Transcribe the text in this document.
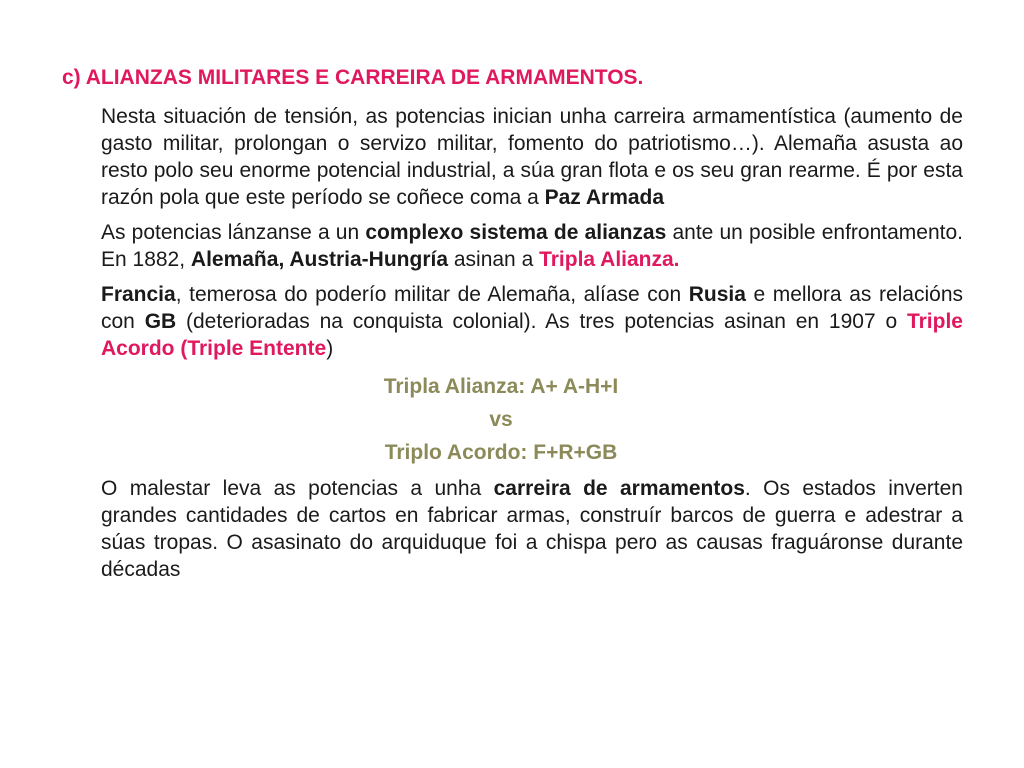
c) ALIANZAS MILITARES E CARREIRA DE ARMAMENTOS.

Nesta situación de tensión, as potencias inician unha carreira armamentística (aumento de gasto militar, prolongan o servizo militar, fomento do patriotismo…). Alemaña asusta ao resto polo seu enorme potencial industrial, a súa gran flota e os seu gran rearme. É por esta razón pola que este período se coñece coma a Paz Armada

As potencias lánzanse a un complexo sistema de alianzas ante un posible enfrontamento. En 1882, Alemaña, Austria-Hungría asinan a Tripla Alianza.

Francia, temerosa do poderío militar de Alemaña, alíase con Rusia e mellora as relacións con GB (deterioradas na conquista colonial). As tres potencias asinan en 1907 o Triple Acordo (Triple Entente)

Tripla Alianza: A+ A-H+I

vs

Triplo Acordo: F+R+GB

O malestar leva as potencias a unha carreira de armamentos. Os estados inverten grandes cantidades de cartos en fabricar armas, construír barcos de guerra e adestrar a súas tropas. O asasinato do arquiduque foi a chispa pero as causas fraguáronse durante décadas
